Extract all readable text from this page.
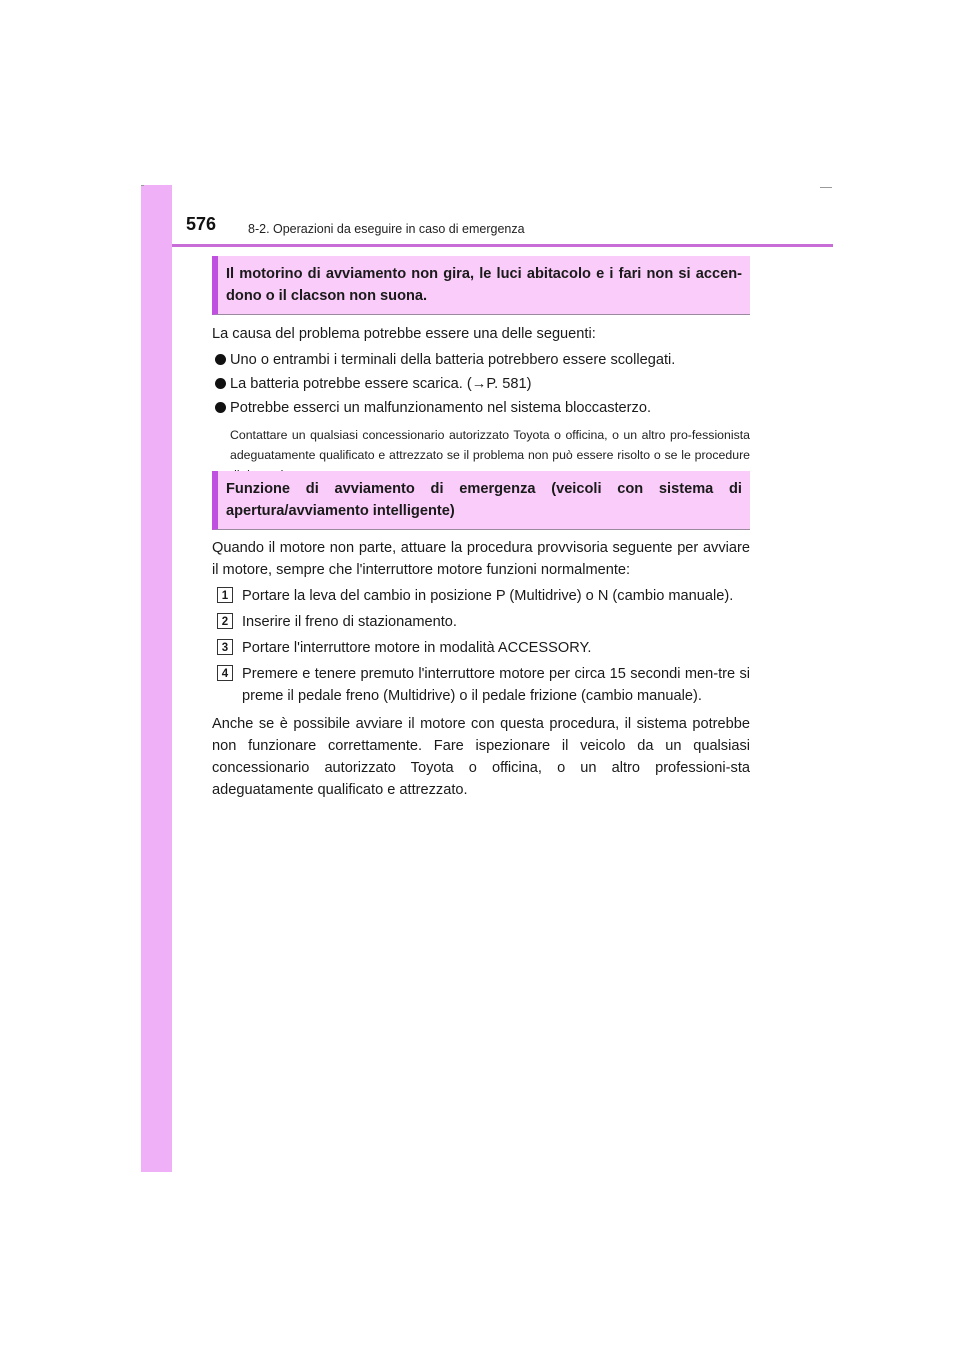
576	8-2. Operazioni da eseguire in caso di emergenza
Il motorino di avviamento non gira, le luci abitacolo e i fari non si accen-dono o il clacson non suona.

La causa del problema potrebbe essere una delle seguenti:

Uno o entrambi i terminali della batteria potrebbero essere scollegati.

La batteria potrebbe essere scarica. (→P. 581)

Potrebbe esserci un malfunzionamento nel sistema bloccasterzo.

Contattare un qualsiasi concessionario autorizzato Toyota o officina, o un altro pro-fessionista adeguatamente qualificato e attrezzato se il problema non può essere risolto o se le procedure

Funzione di avviamento di emergenza (veicoli con sistema di apertura/avviamento intelligente)

Quando il motore non parte, attuare la procedura provvisoria seguente per avviare il motore, sempre che l'interruttore motore funzioni normalmente:

1 Portare la leva del cambio in posizione P (Multidrive) o N (cambio manuale).

2 Inserire il freno di stazionamento.

3 Portare l'interruttore motore in modalità ACCESSORY.

4 Premere e tenere premuto l'interruttore motore per circa 15 secondi men-tre si preme il pedale freno (Multidrive) o il pedale frizione (cambio manuale).

Anche se è possibile avviare il motore con questa procedura, il sistema potrebbe non funzionare correttamente. Fare ispezionare il veicolo da un qualsiasi concessionario autorizzato Toyota o officina, o un altro professioni-sta adeguatamente qualificato e attrezzato.
